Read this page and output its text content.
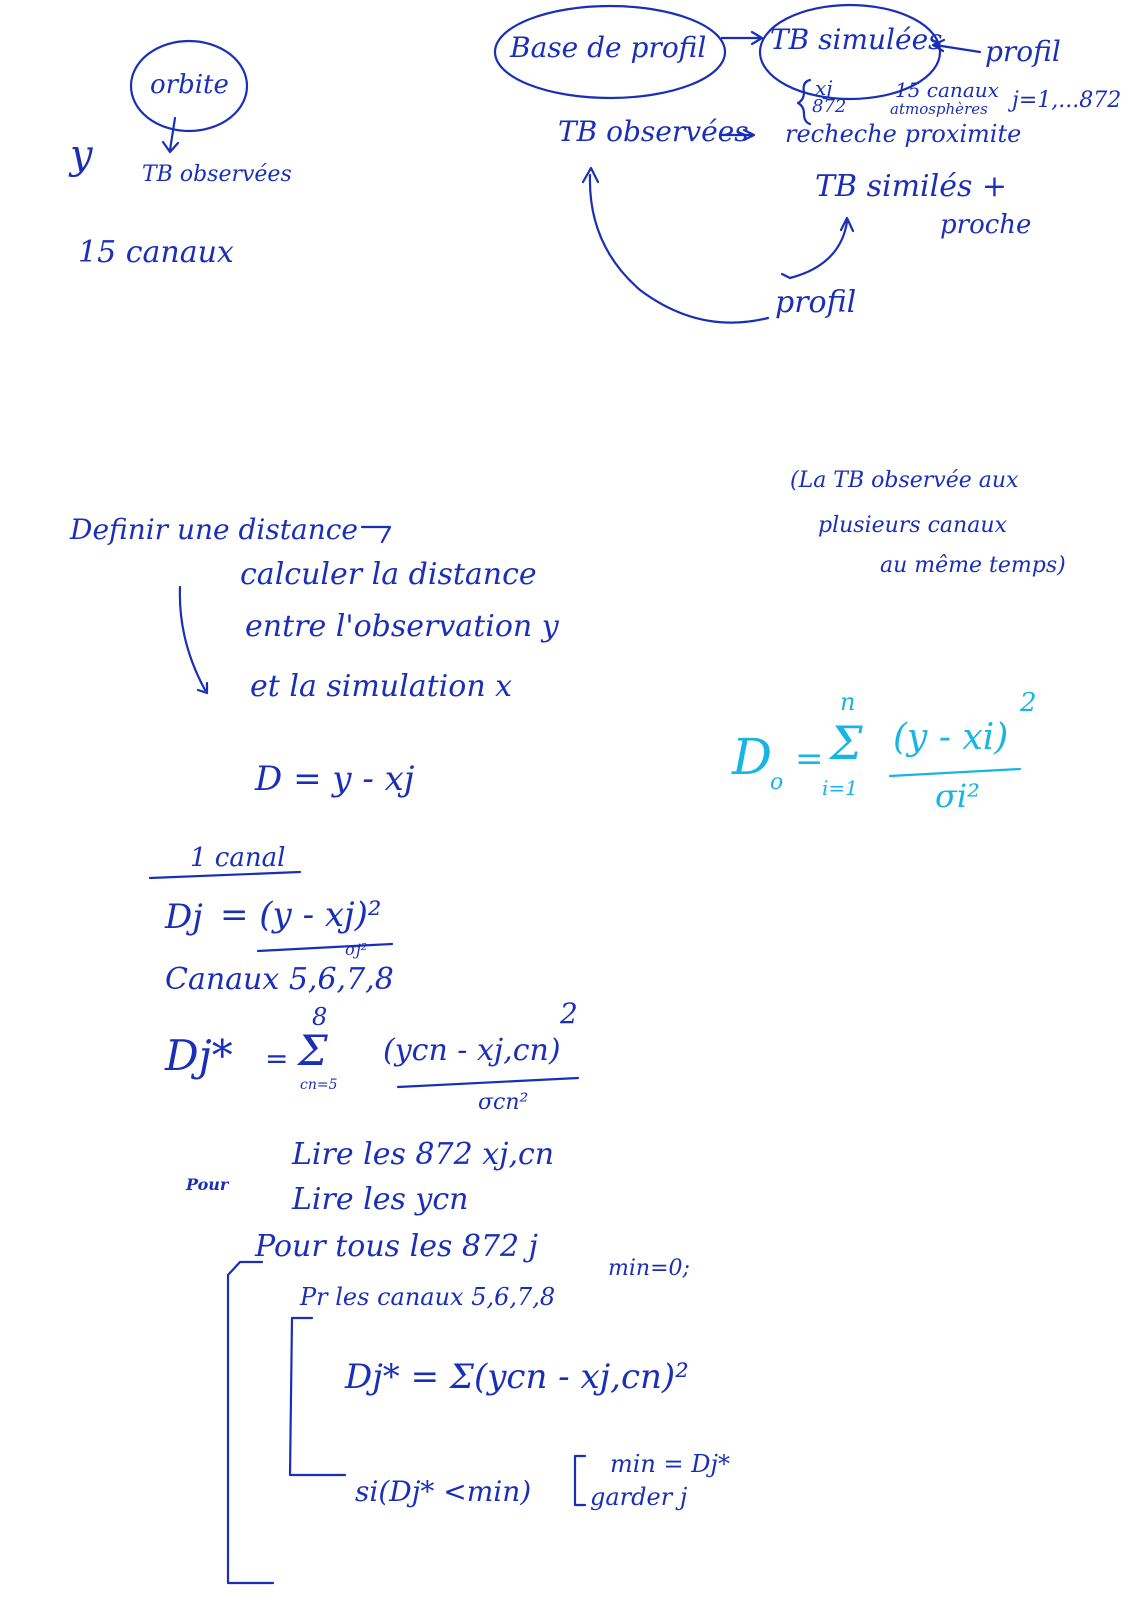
orbite
y TB observées
15 canaux
Base de profil TB simulées profil
xj
872
15 canaux
atmosphères j=1,...872
TB observées recheche proximite
TB similés +
proche
profil
(La TB observée aux
plusieurs canaux
au même temps)
Definir une distance
calculer la distance
entre l'observation y
et la simulation x
D = y - xj	D
o
=
n
Σ
i=1
(y - xi)
2
σi²
1 canal
Dj = (y - xj)²
σj²
Canaux 5,6,7,8
Dj* =
8
Σ
cn=5
(ycn - xj,cn)
2
σcn²
Pour
Lire les 872 xj,cn
Lire les ycn
Pour tous les 872 j
Pr les canaux 5,6,7,8
min=0;
Dj* = Σ(ycn - xj,cn)²
si(Dj* <min)
min = Dj*
garder j
